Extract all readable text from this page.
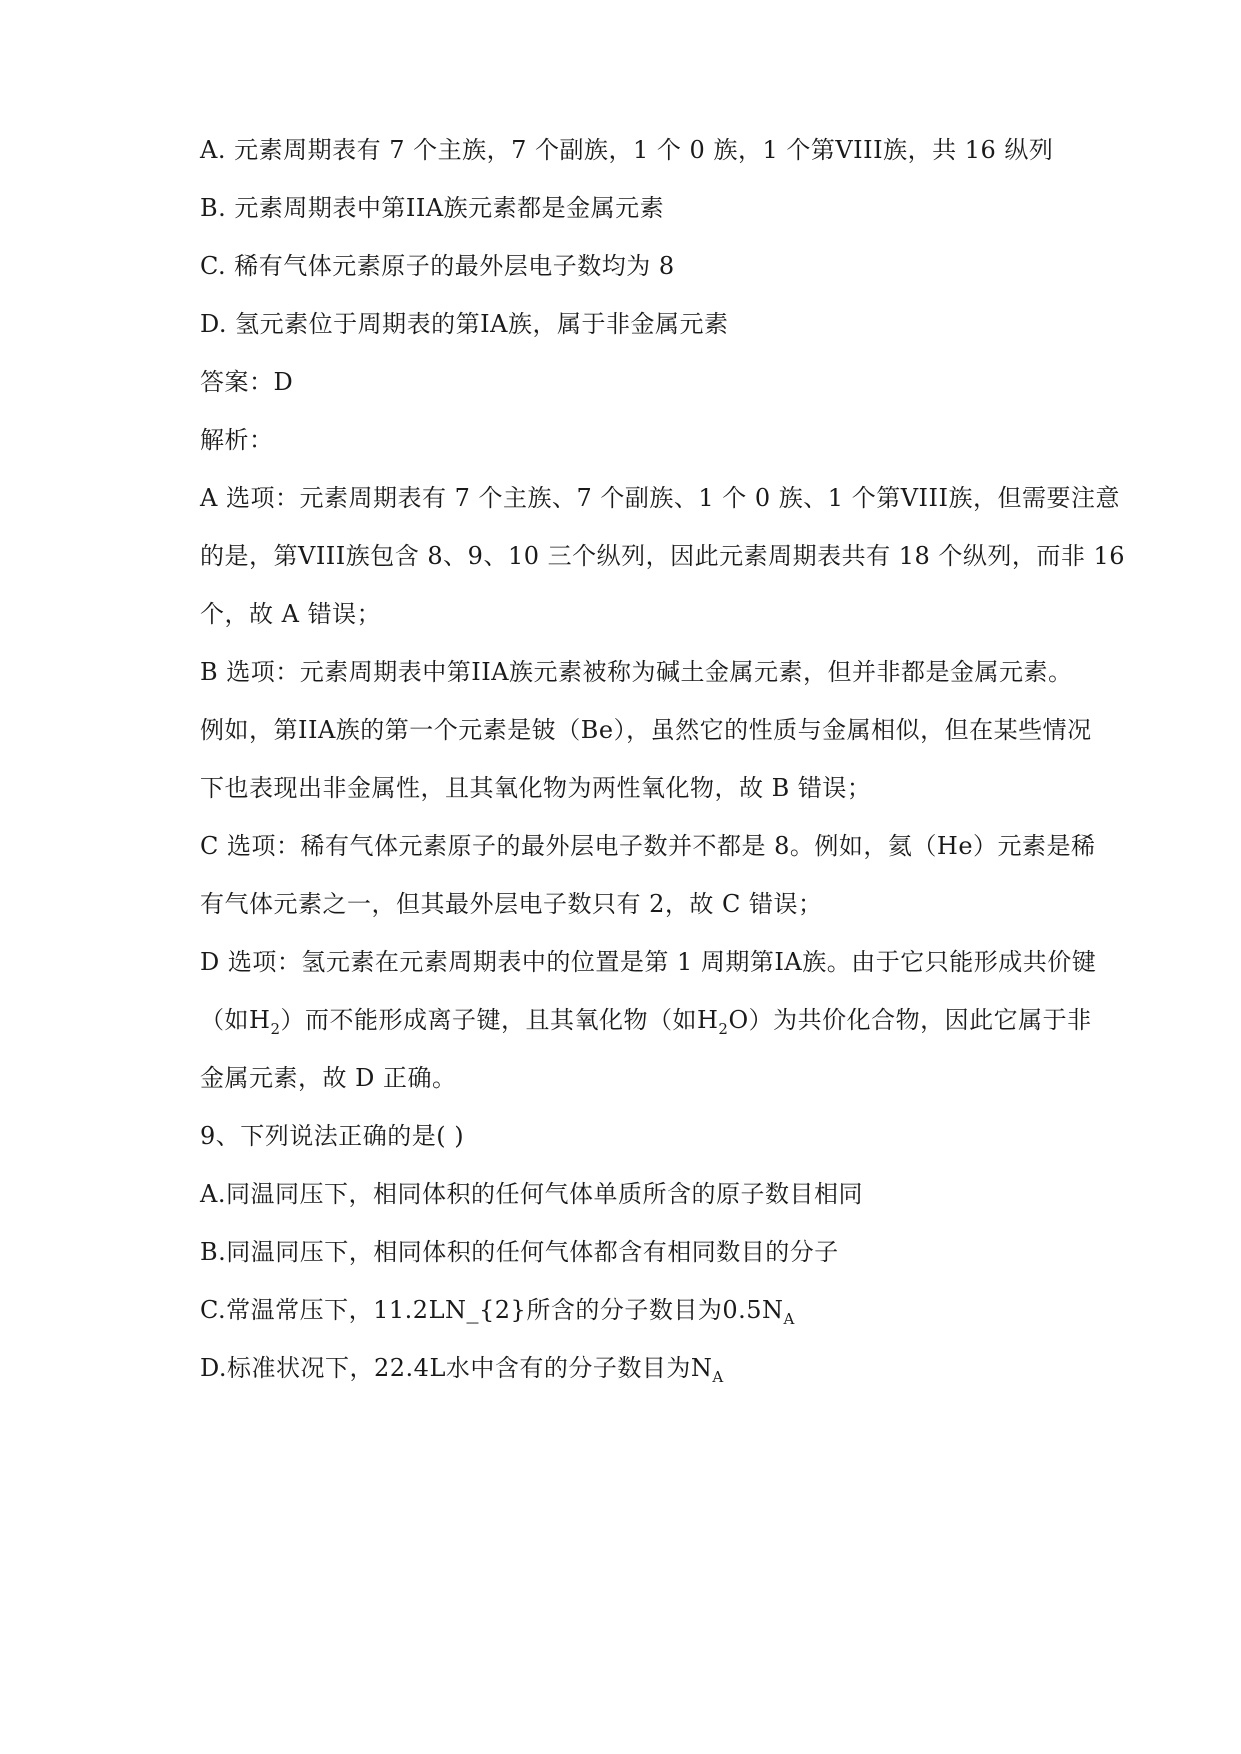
A. 元素周期表有 7 个主族，7 个副族，1 个 0 族，1 个第VIII族，共 16 纵列
B. 元素周期表中第IIA族元素都是金属元素
C. 稀有气体元素原子的最外层电子数均为 8
D. 氢元素位于周期表的第IA族，属于非金属元素
答案：D
解析：
A 选项：元素周期表有 7 个主族、7 个副族、1 个 0 族、1 个第VIII族，但需要注意
的是，第VIII族包含 8、9、10 三个纵列，因此元素周期表共有 18 个纵列，而非 16
个，故 A 错误；
B 选项：元素周期表中第IIA族元素被称为碱土金属元素，但并非都是金属元素。
例如，第IIA族的第一个元素是铍（Be），虽然它的性质与金属相似，但在某些情况
下也表现出非金属性，且其氧化物为两性氧化物，故 B 错误；
C 选项：稀有气体元素原子的最外层电子数并不都是 8。例如，氦（He）元素是稀
有气体元素之一，但其最外层电子数只有 2，故 C 错误；
D 选项：氢元素在元素周期表中的位置是第 1 周期第IA族。由于它只能形成共价键
（如$H_2$）而不能形成离子键，且其氧化物（如$H_2O$）为共价化合物，因此它属于非
金属元素，故 D 正确。
9、下列说法正确的是( )
A.同温同压下，相同体积的任何气体单质所含的原子数目相同
B.同温同压下，相同体积的任何气体都含有相同数目的分子
C.常温常压下，11.2LN_{2}所含的分子数目为$0.5N_A$
D.标准状况下，22.4L水中含有的分子数目为$N_A$
